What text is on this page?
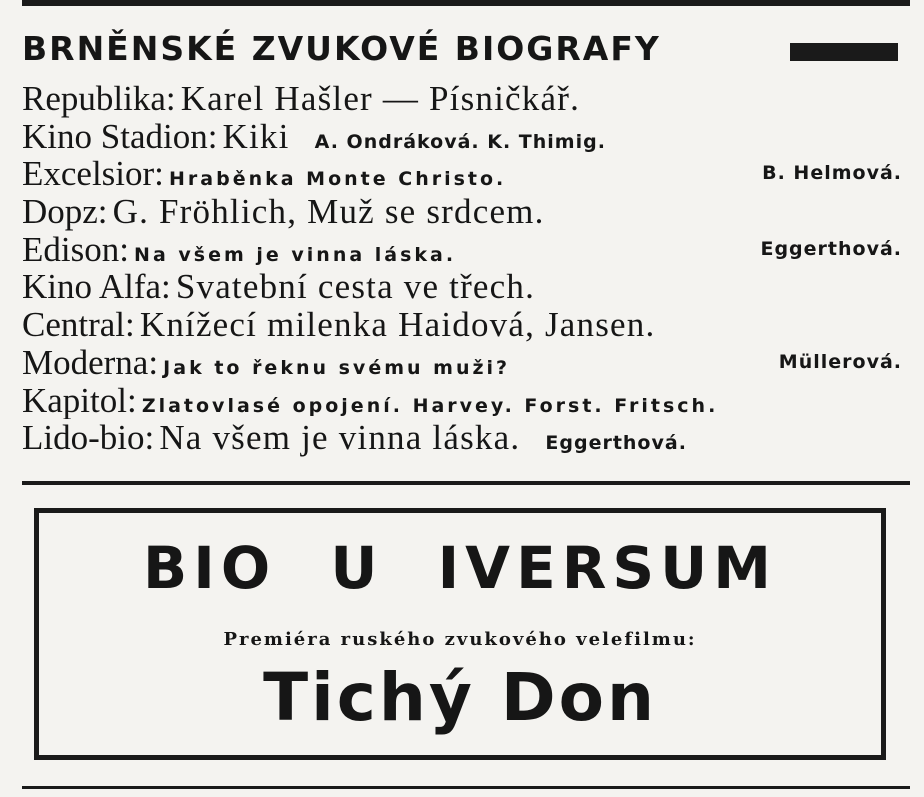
BRNĚNSKÉ ZVUKOVÉ BIOGRAFY
Republika: Karel Hašler — Písničkář.
Kino Stadion: Kiki A. Ondráková. K. Thimig.
Excelsior: Hraběnka Monte Christo.	B. Helmová.
Dopz: G. Fröhlich, Muž se srdcem.
Edison: Na všem je vinna láska.	Eggerthová.
Kino Alfa: Svatební cesta ve třech.
Central: Knížecí milenka Haidová, Jansen.
Moderna: Jak to řeknu svému muži?	Müllerová.
Kapitol: Zlatovlasé opojení. Harvey. Forst. Fritsch.
Lido-bio: Na všem je vinna láska. Eggerthová.
BIO U IVERSUM
Premiéra ruského zvukového velefilmu:
Tichý Don
